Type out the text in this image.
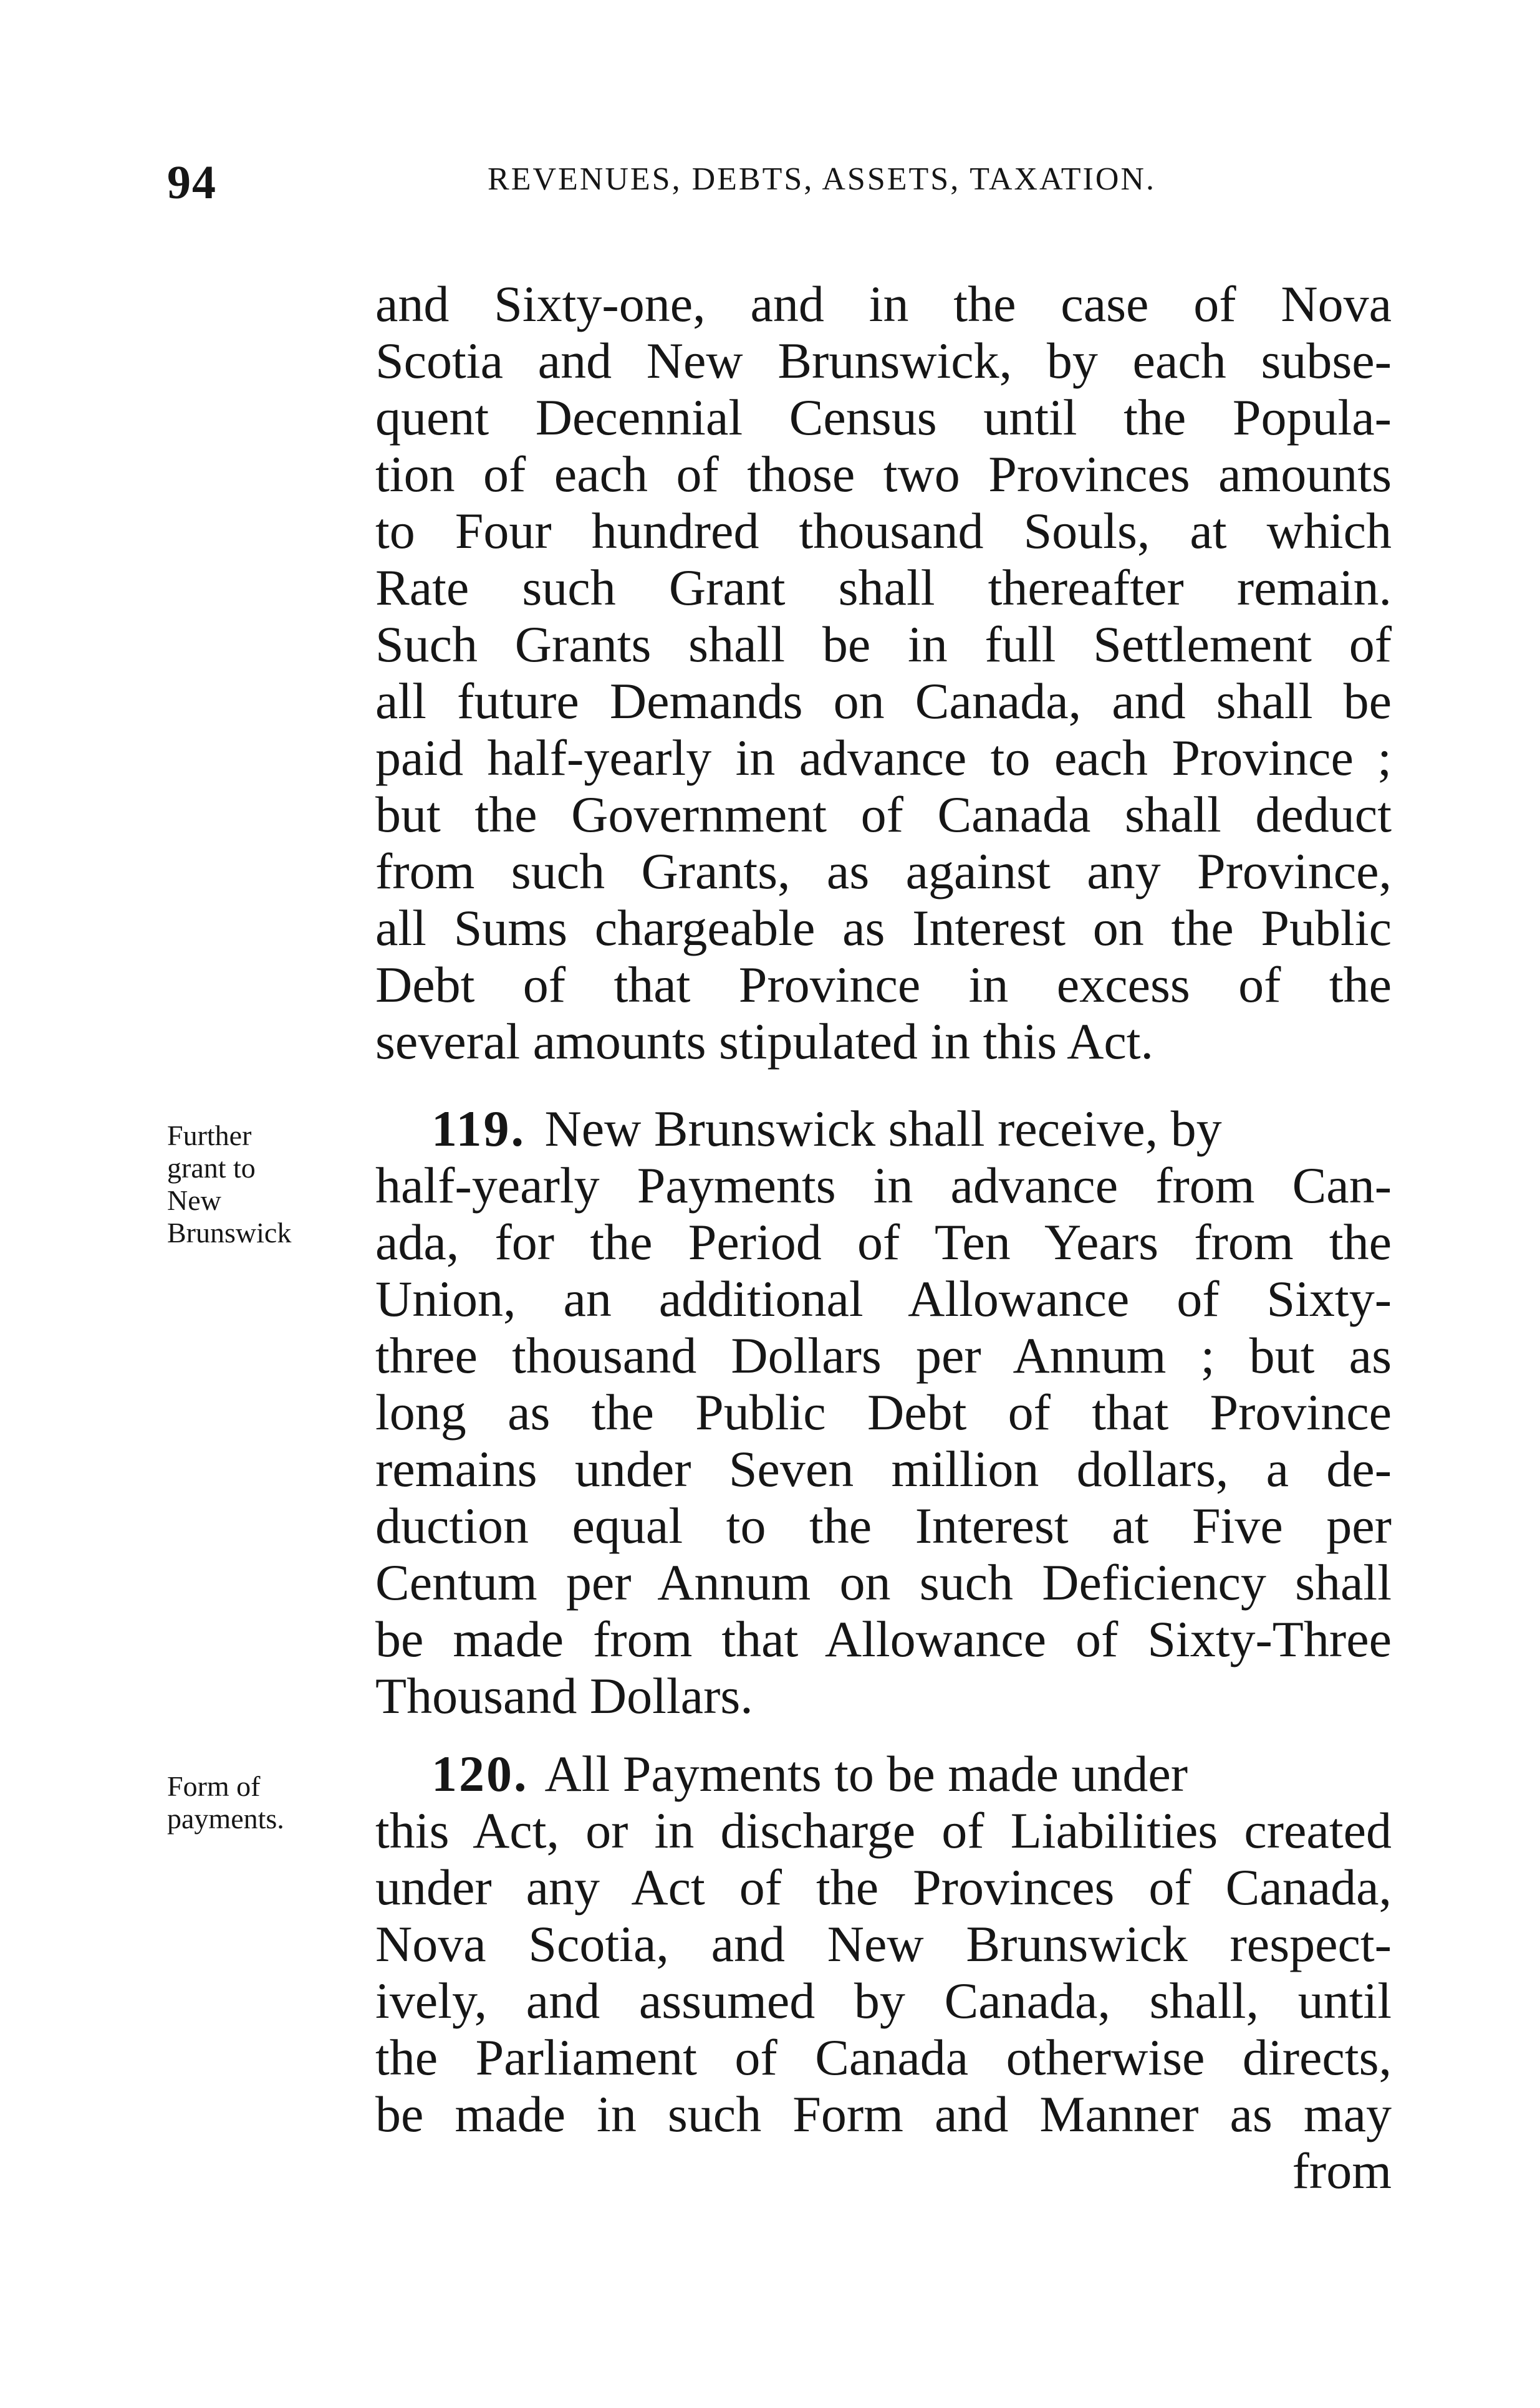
94	REVENUES, DEBTS, ASSETS, TAXATION.
and Sixty-one, and in the case of Nova
Scotia and New Brunswick, by each subse-
quent Decennial Census until the Popula-
tion of each of those two Provinces amounts
to Four hundred thousand Souls, at which
Rate such Grant shall thereafter remain.
Such Grants shall be in full Settlement of
all future Demands on Canada, and shall be
paid half-yearly in advance to each Province ;
but the Government of Canada shall deduct
from such Grants, as against any Province,
all Sums chargeable as Interest on the Public
Debt of that Province in excess of the
several amounts stipulated in this Act.
Further
grant to
New
Brunswick
119. New Brunswick shall receive, by
half-yearly Payments in advance from Can-
ada, for the Period of Ten Years from the
Union, an additional Allowance of Sixty-
three thousand Dollars per Annum ; but as
long as the Public Debt of that Province
remains under Seven million dollars, a de-
duction equal to the Interest at Five per
Centum per Annum on such Deficiency shall
be made from that Allowance of Sixty-Three
Thousand Dollars.
Form of
payments.
120. All Payments to be made under
this Act, or in discharge of Liabilities created
under any Act of the Provinces of Canada,
Nova Scotia, and New Brunswick respect-
ively, and assumed by Canada, shall, until
the Parliament of Canada otherwise directs,
be made in such Form and Manner as may
from
